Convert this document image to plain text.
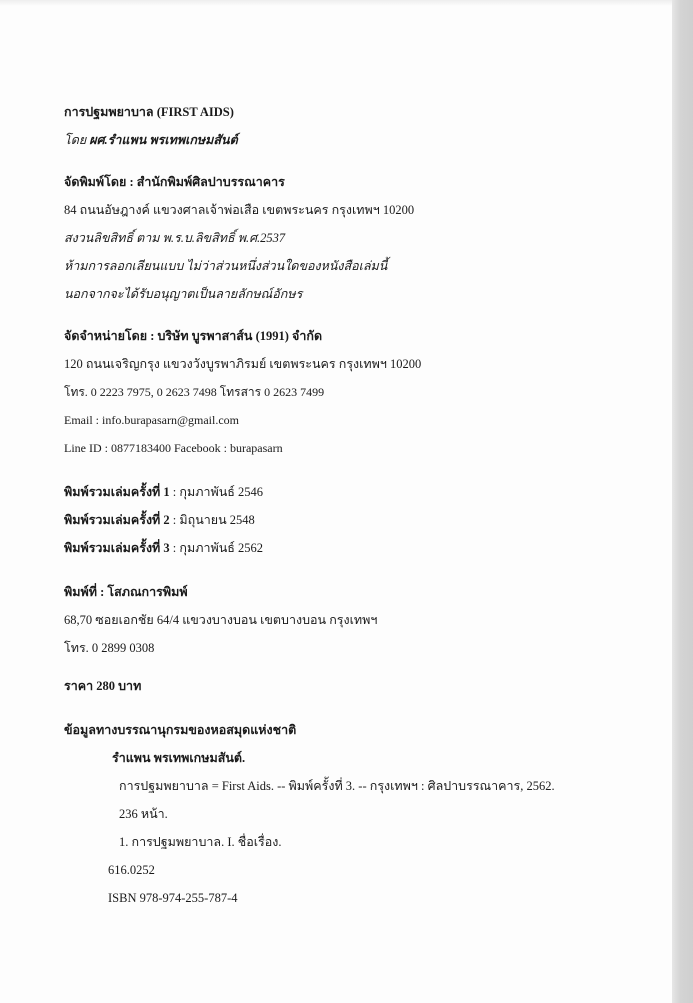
การปฐมพยาบาล (FIRST AIDS)
โดย ผศ.รำแพน พรเทพเกษมสันต์
จัดพิมพ์โดย : สำนักพิมพ์ศิลปาบรรณาคาร
84 ถนนอัษฎางค์ แขวงศาลเจ้าพ่อเสือ เขตพระนคร กรุงเทพฯ 10200
สงวนลิขสิทธิ์ ตาม พ.ร.บ.ลิขสิทธิ์ พ.ศ.2537
ห้ามการลอกเลียนแบบ ไม่ว่าส่วนหนึ่งส่วนใดของหนังสือเล่มนี้
นอกจากจะได้รับอนุญาตเป็นลายลักษณ์อักษร
จัดจำหน่ายโดย : บริษัท บูรพาสาส์น (1991) จำกัด
120 ถนนเจริญกรุง แขวงวังบูรพาภิรมย์ เขตพระนคร กรุงเทพฯ 10200
โทร. 0 2223 7975, 0 2623 7498 โทรสาร 0 2623 7499
Email : info.burapasarn@gmail.com
Line ID : 0877183400 Facebook : burapasarn
พิมพ์รวมเล่มครั้งที่ 1 : กุมภาพันธ์ 2546
พิมพ์รวมเล่มครั้งที่ 2 : มิถุนายน 2548
พิมพ์รวมเล่มครั้งที่ 3 : กุมภาพันธ์ 2562
พิมพ์ที่ : โสภณการพิมพ์
68,70 ซอยเอกชัย 64/4 แขวงบางบอน เขตบางบอน กรุงเทพฯ
โทร. 0 2899 0308
ราคา 280 บาท
ข้อมูลทางบรรณานุกรมของหอสมุดแห่งชาติ
รำแพน พรเทพเกษมสันต์.
การปฐมพยาบาล = First Aids. -- พิมพ์ครั้งที่ 3. -- กรุงเทพฯ : ศิลปาบรรณาคาร, 2562.
236 หน้า.
1. การปฐมพยาบาล. I. ชื่อเรื่อง.
616.0252
ISBN 978-974-255-787-4
